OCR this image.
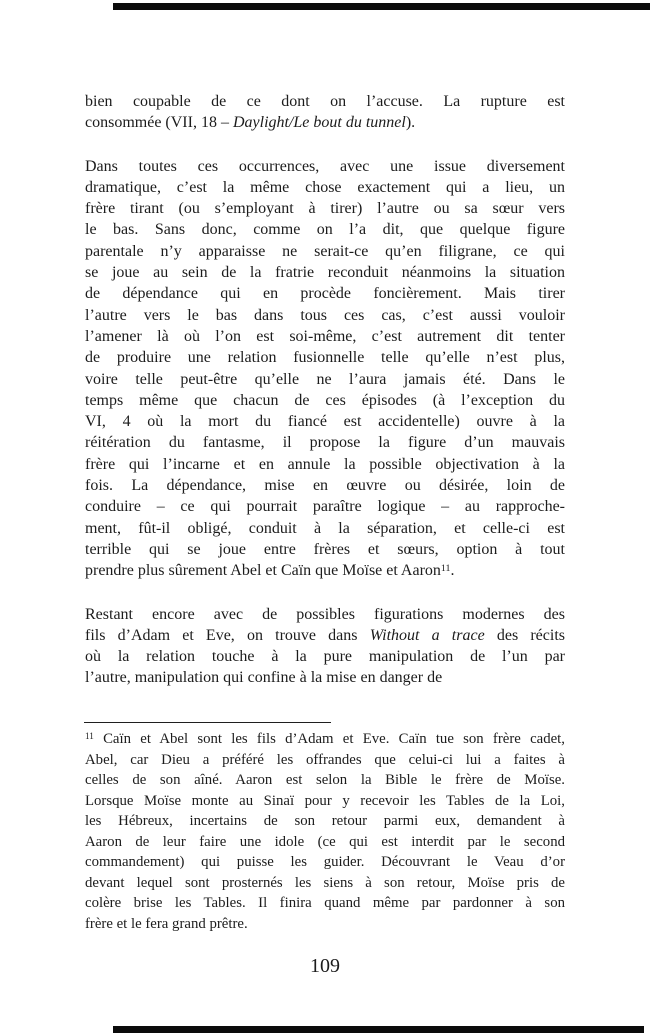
bien coupable de ce dont on l’accuse. La rupture est
consommée (VII, 18 – Daylight/Le bout du tunnel).
Dans toutes ces occurrences, avec une issue diversement
dramatique, c’est la même chose exactement qui a lieu, un
frère tirant (ou s’employant à tirer) l’autre ou sa sœur vers
le bas. Sans donc, comme on l’a dit, que quelque figure
parentale n’y apparaisse ne serait-ce qu’en filigrane, ce qui
se joue au sein de la fratrie reconduit néanmoins la situation
de dépendance qui en procède foncièrement. Mais tirer
l’autre vers le bas dans tous ces cas, c’est aussi vouloir
l’amener là où l’on est soi-même, c’est autrement dit tenter
de produire une relation fusionnelle telle qu’elle n’est plus,
voire telle peut-être qu’elle ne l’aura jamais été. Dans le
temps même que chacun de ces épisodes (à l’exception du
VI, 4 où la mort du fiancé est accidentelle) ouvre à la
réitération du fantasme, il propose la figure d’un mauvais
frère qui l’incarne et en annule la possible objectivation à la
fois. La dépendance, mise en œuvre ou désirée, loin de
conduire – ce qui pourrait paraître logique – au rapproche-
ment, fût-il obligé, conduit à la séparation, et celle-ci est
terrible qui se joue entre frères et sœurs, option à tout
prendre plus sûrement Abel et Caïn que Moïse et Aaron$^{11}$.
Restant encore avec de possibles figurations modernes des
fils d’Adam et Eve, on trouve dans Without a trace des récits
où la relation touche à la pure manipulation de l’un par
l’autre, manipulation qui confine à la mise en danger de
$^{11}$ Caïn et Abel sont les fils d’Adam et Eve. Caïn tue son frère cadet,
Abel, car Dieu a préféré les offrandes que celui-ci lui a faites à
celles de son aîné. Aaron est selon la Bible le frère de Moïse.
Lorsque Moïse monte au Sinaï pour y recevoir les Tables de la Loi,
les Hébreux, incertains de son retour parmi eux, demandent à
Aaron de leur faire une idole (ce qui est interdit par le second
commandement) qui puisse les guider. Découvrant le Veau d’or
devant lequel sont prosternés les siens à son retour, Moïse pris de
colère brise les Tables. Il finira quand même par pardonner à son
frère et le fera grand prêtre.
109
